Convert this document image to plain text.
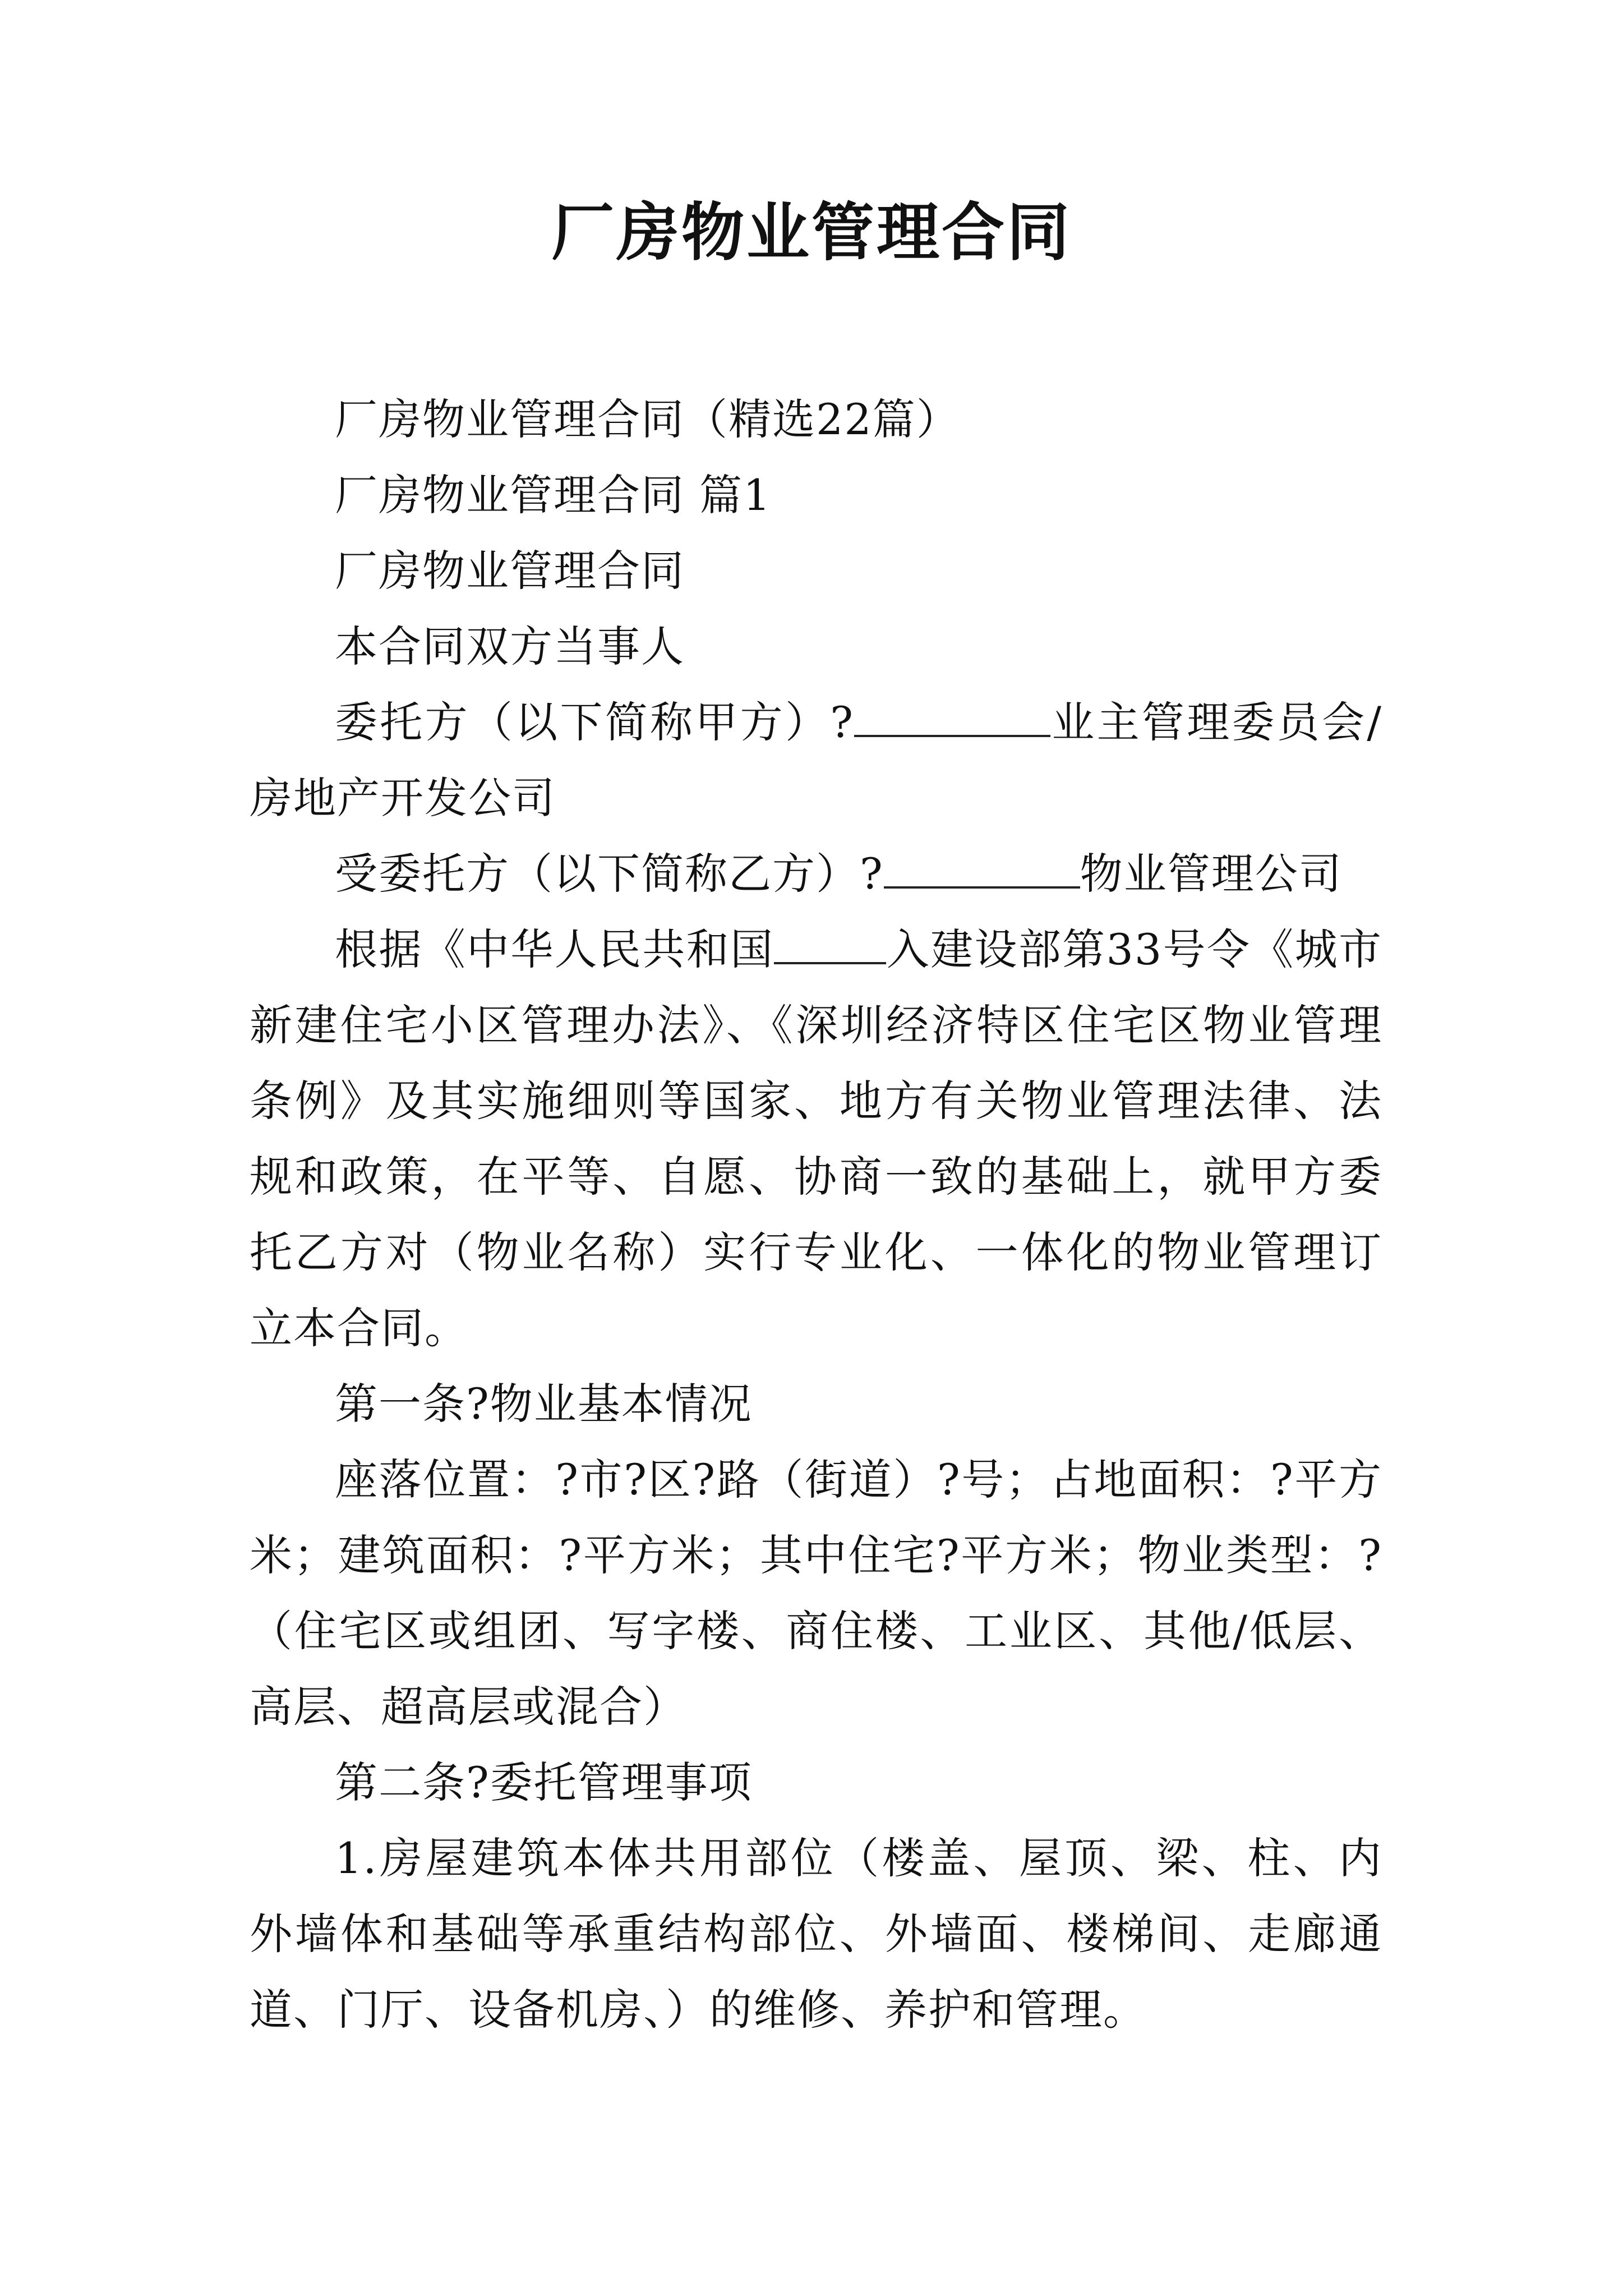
厂房物业管理合同

厂房物业管理合同（精选22篇）

厂房物业管理合同 篇1

厂房物业管理合同

本合同双方当事人

委托方（以下简称甲方）?	业主管理委员会/房地产开发公司

受委托方（以下简称乙方）?	物业管理公司

根据《中华人民共和国	入建设部第33号令《城市新建住宅小区管理办法》、《深圳经济特区住宅区物业管理条例》及其实施细则等国家、地方有关物业管理法律、法规和政策，在平等、自愿、协商一致的基础上，就甲方委托乙方对（物业名称）实行专业化、一体化的物业管理订立本合同。

第一条?物业基本情况

座落位置：?市?区?路（街道）?号；占地面积：?平方米；建筑面积：?平方米；其中住宅?平方米；物业类型：?（住宅区或组团、写字楼、商住楼、工业区、其他/低层、高层、超高层或混合）

第二条?委托管理事项

1.房屋建筑本体共用部位（楼盖、屋顶、梁、柱、内外墙体和基础等承重结构部位、外墙面、楼梯间、走廊通道、门厅、设备机房、）的维修、养护和管理。
